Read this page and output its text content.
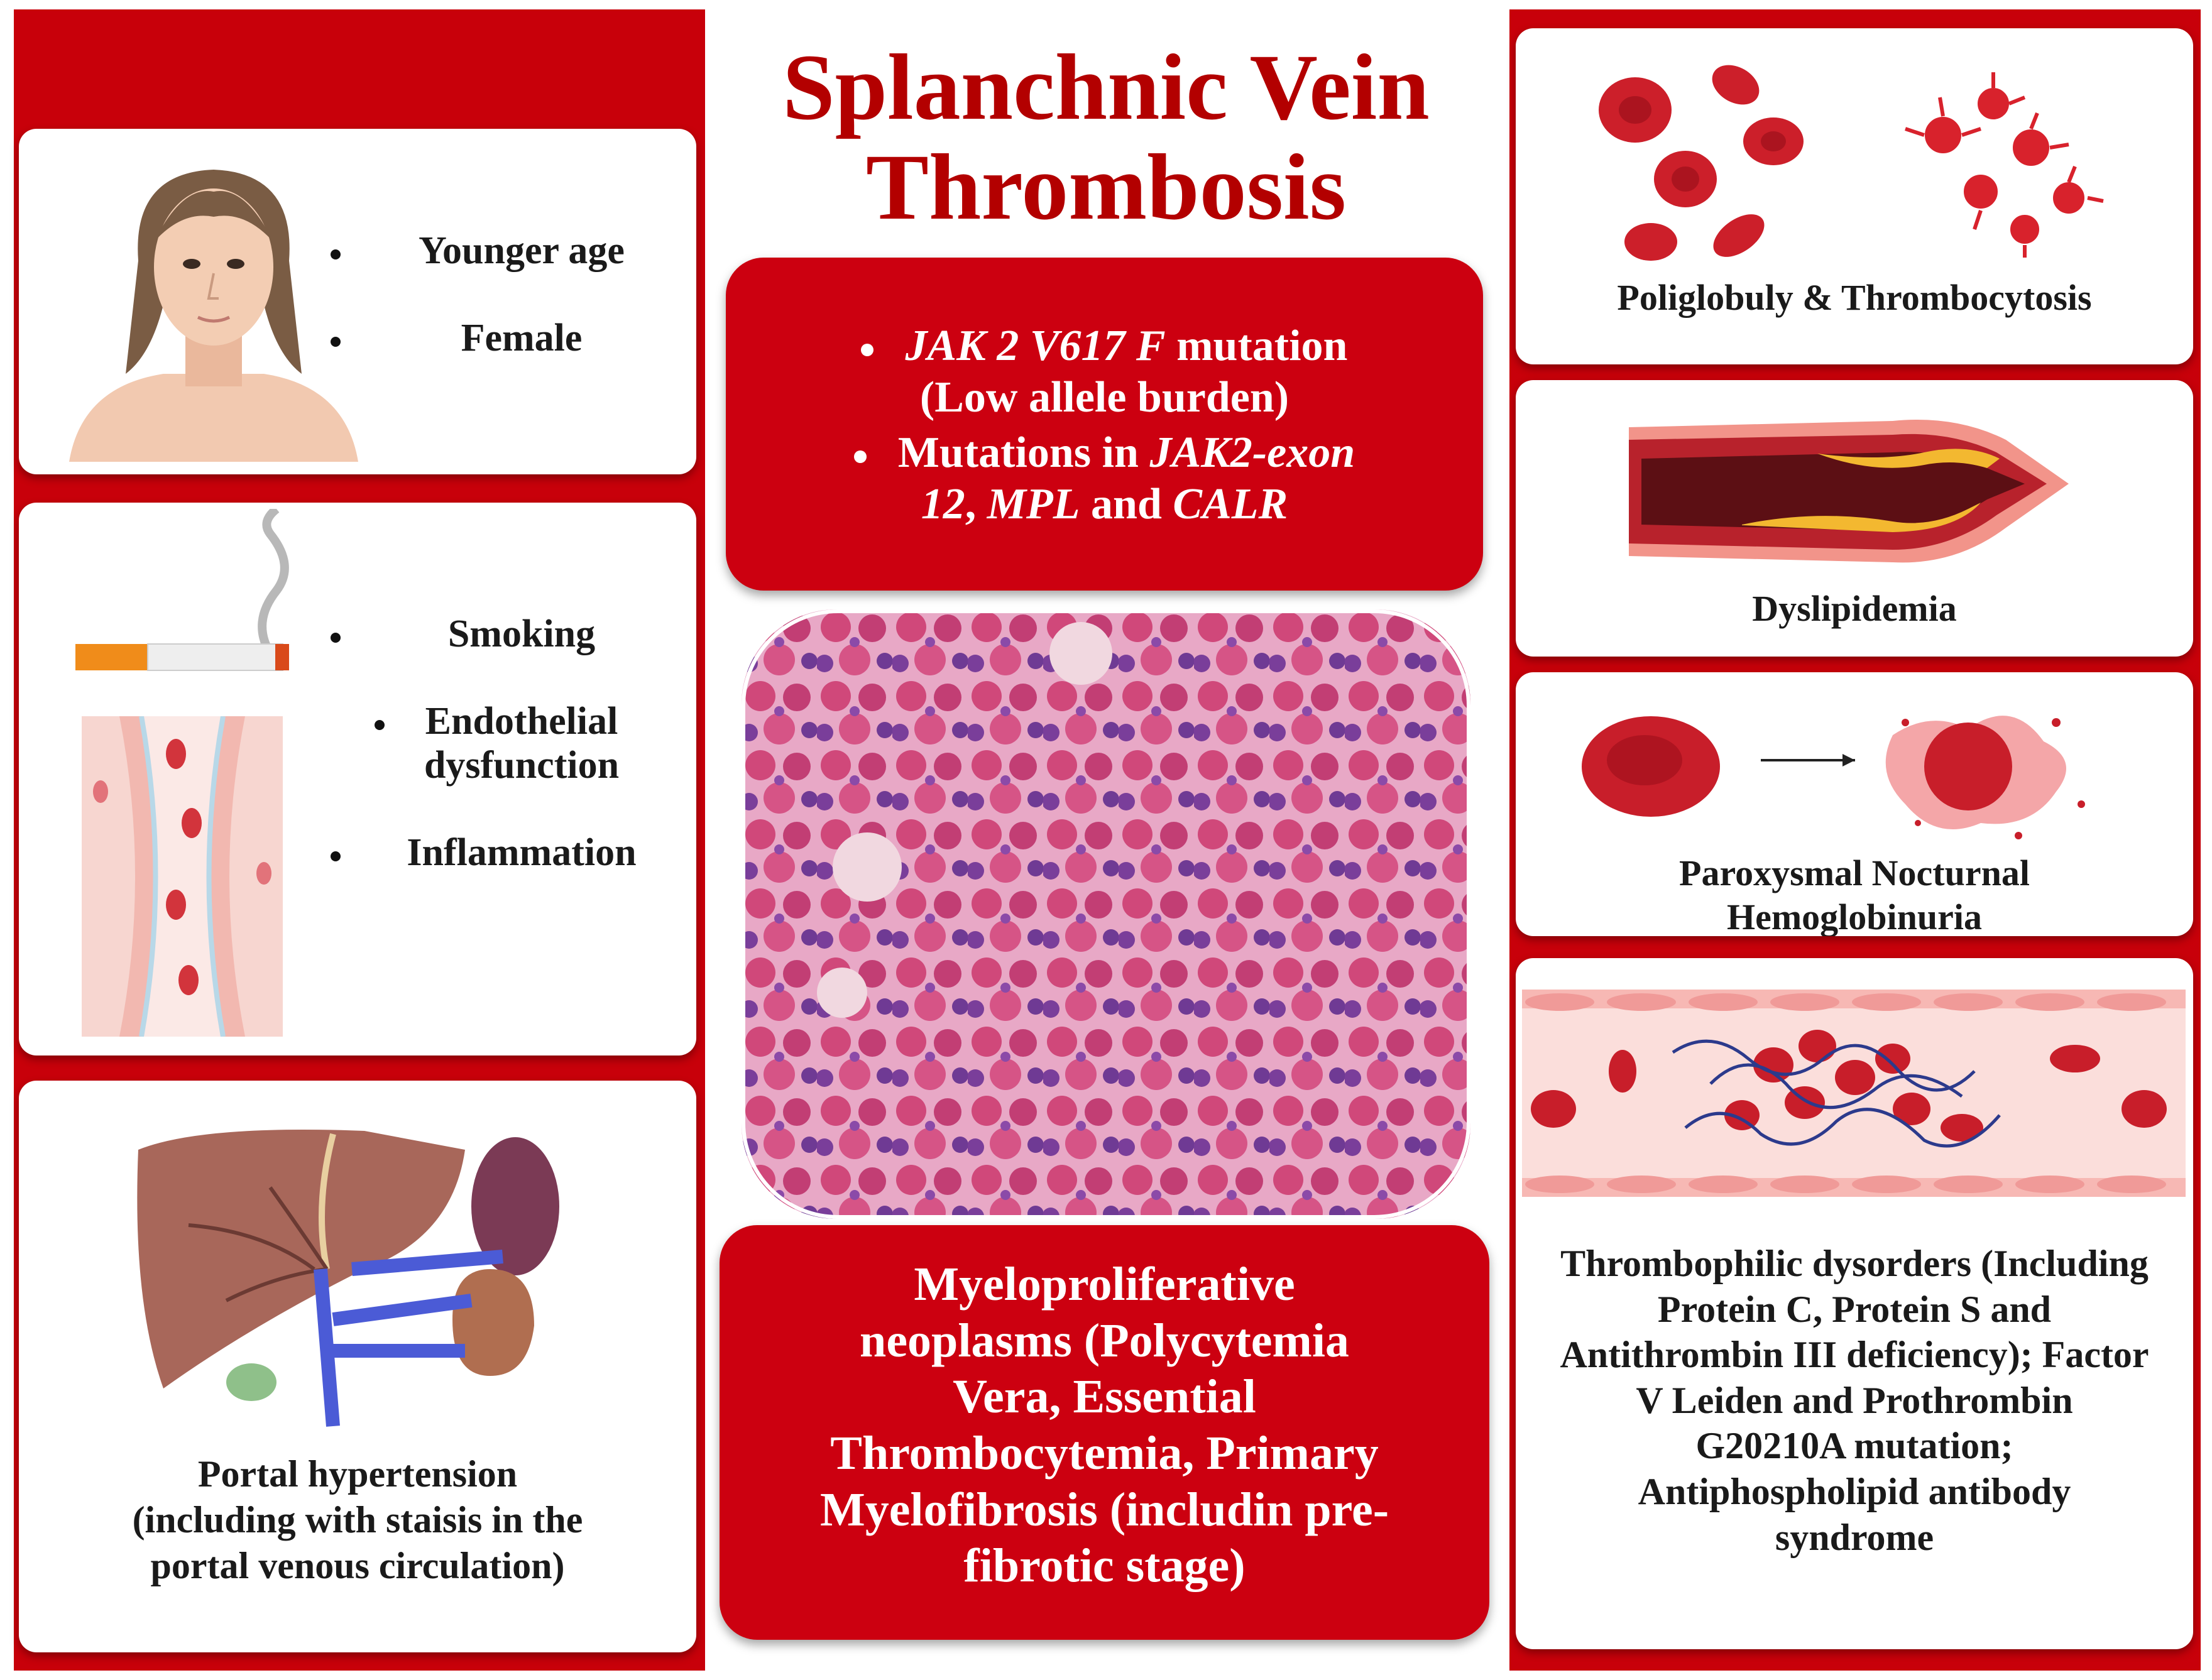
Younger age
Female
Smoking
Endothelial dysfunction
Inflammation
Portal hypertension
(including with staisis in the
portal venous circulation)
Splanchnic Vein
Thrombosis
JAK 2 V617 F mutation
(Low allele burden)
Mutations in JAK2-exon
12, MPL and CALR
Myeloproliferative
neoplasms (Polycytemia
Vera, Essential
Thrombocytemia, Primary
Myelofibrosis (includin pre-
fibrotic stage)
Poliglobuly & Thrombocytosis
Dyslipidemia
Paroxysmal Nocturnal
Hemoglobinuria
Thrombophilic dysorders (Including
Protein C, Protein S and
Antithrombin III deficiency); Factor
V Leiden and Prothrombin
G20210A mutation;
Antiphospholipid antibody
syndrome
